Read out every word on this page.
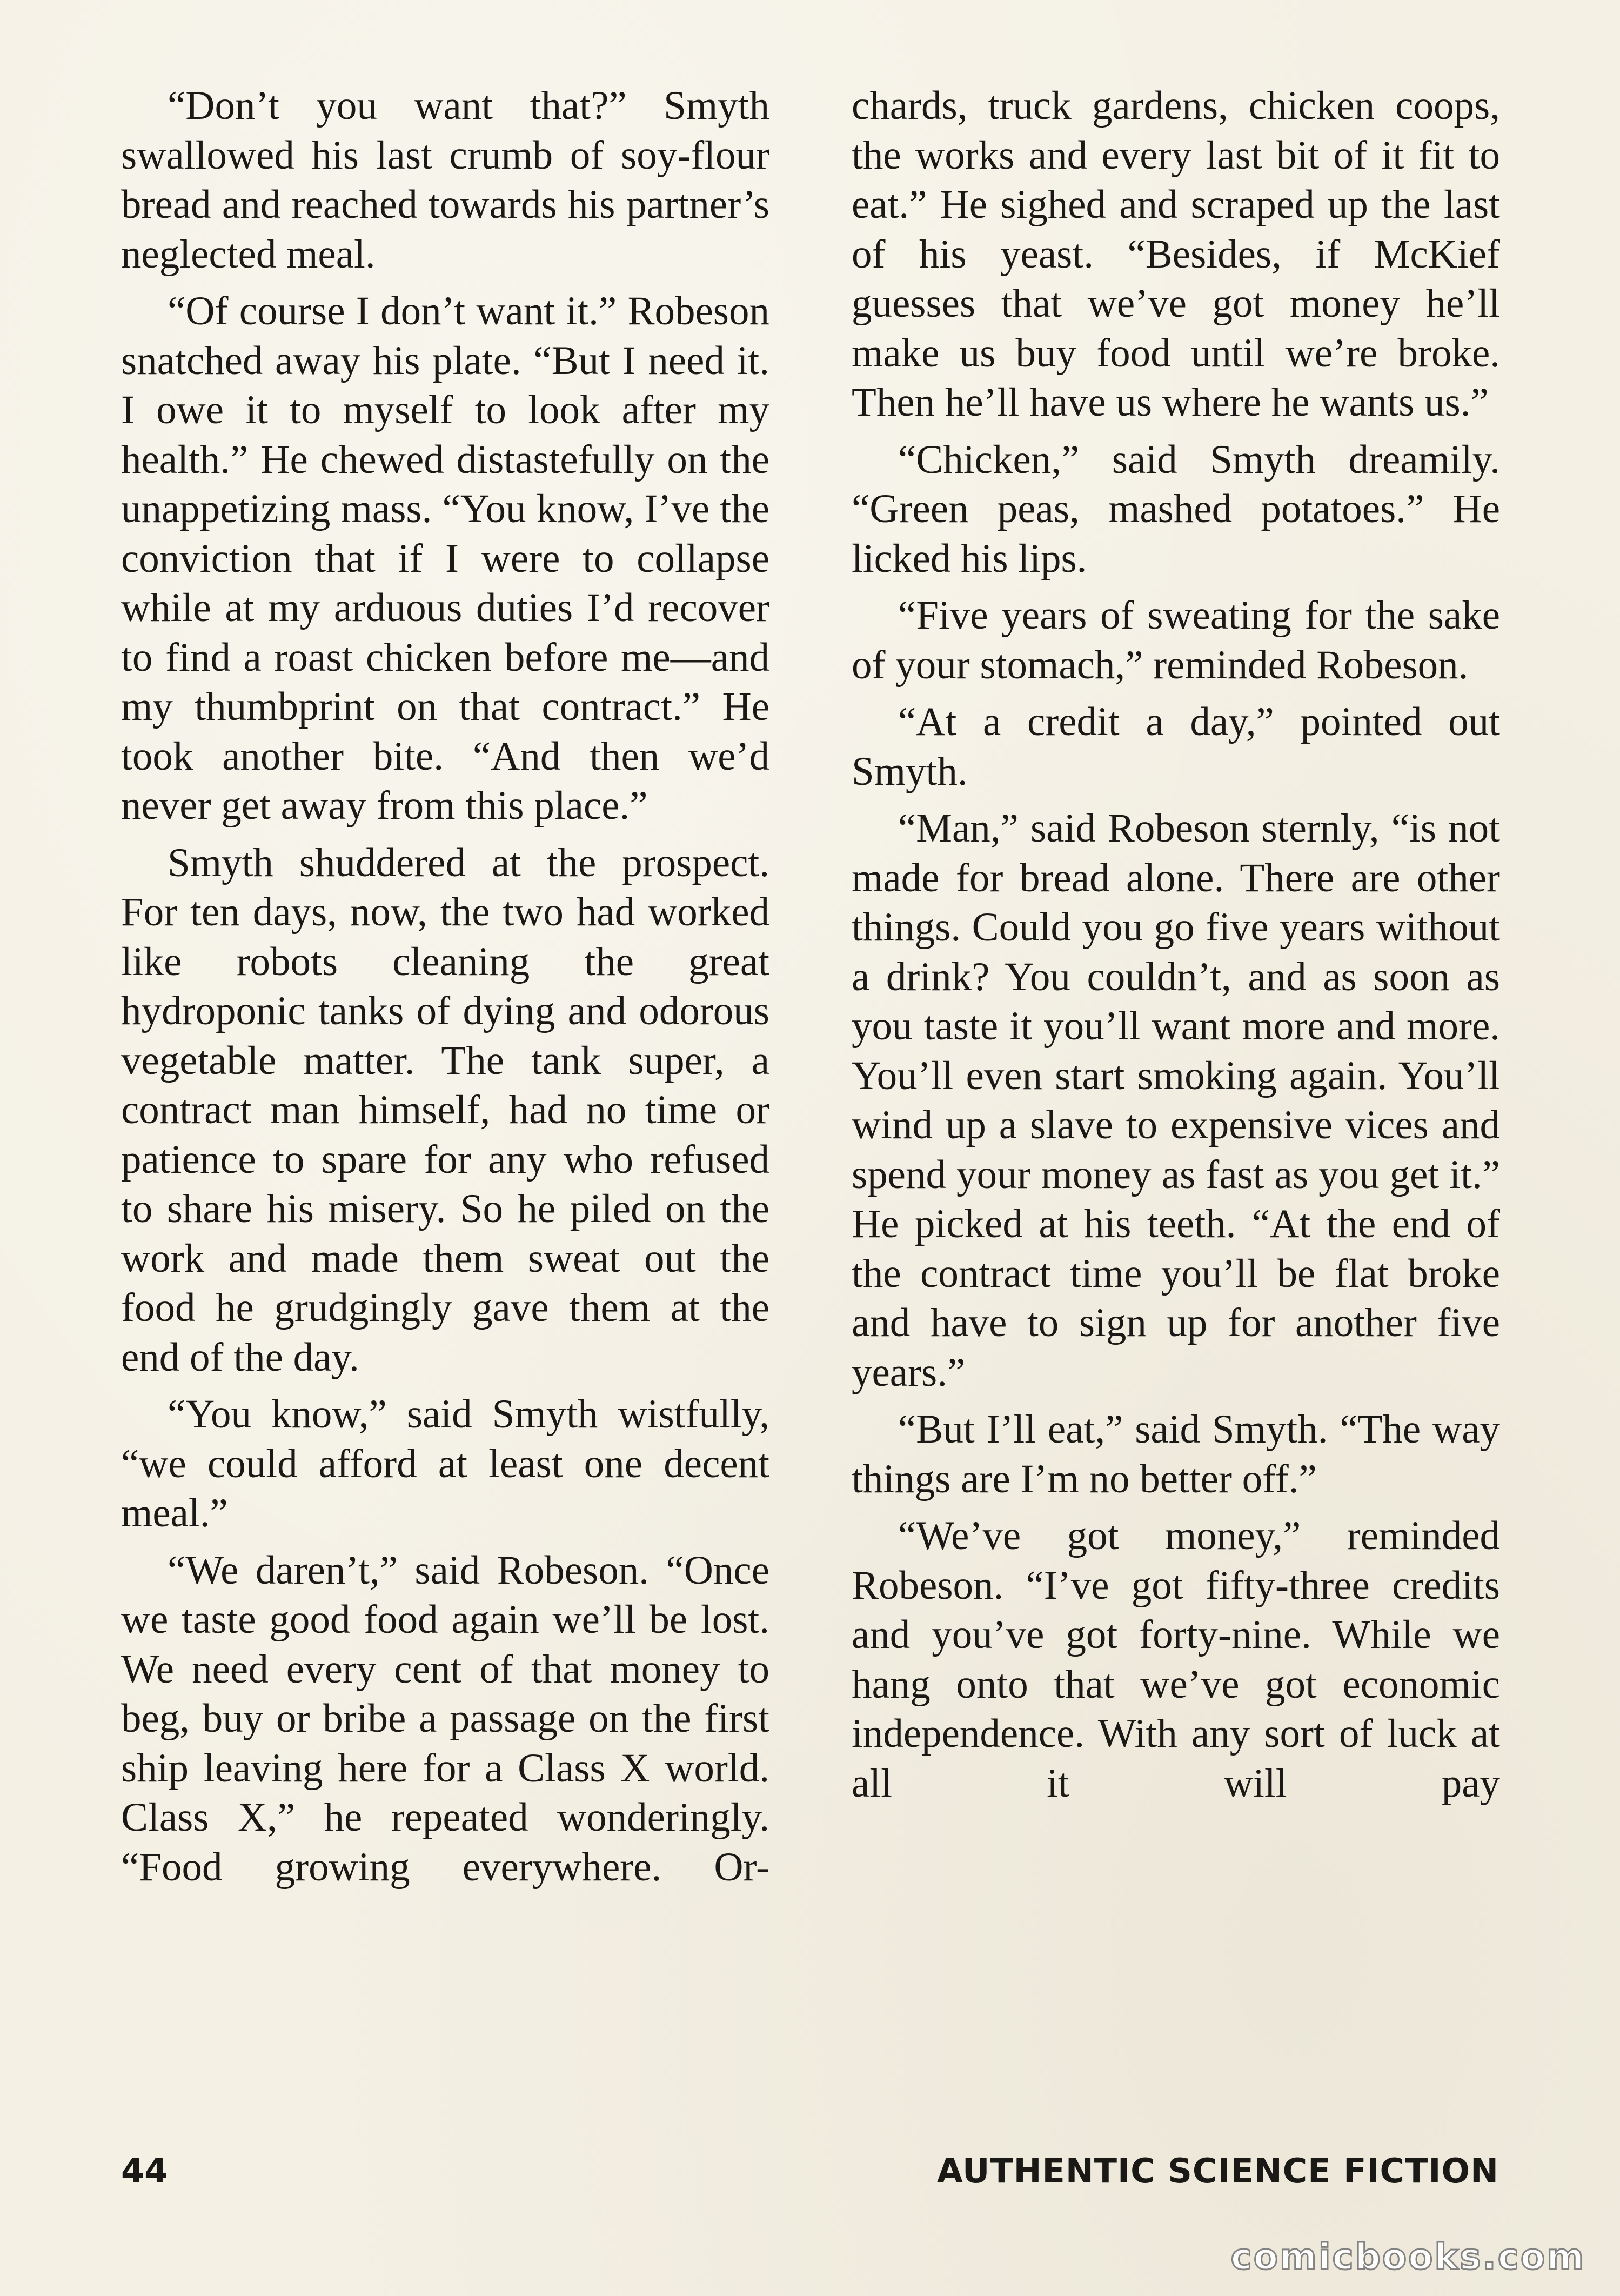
“Don’t you want that?” Smyth swallowed his last crumb of soy-flour bread and reached towards his partner’s neglected meal.

“Of course I don’t want it.” Robeson snatched away his plate. “But I need it. I owe it to myself to look after my health.” He chewed distastefully on the unappetizing mass. “You know, I’ve the conviction that if I were to collapse while at my arduous duties I’d recover to find a roast chicken before me—and my thumbprint on that contract.” He took another bite. “And then we’d never get away from this place.”

Smyth shuddered at the prospect. For ten days, now, the two had worked like robots cleaning the great hydroponic tanks of dying and odorous vegetable matter. The tank super, a contract man himself, had no time or patience to spare for any who refused to share his misery. So he piled on the work and made them sweat out the food he grudgingly gave them at the end of the day.

“You know,” said Smyth wistfully, “we could afford at least one decent meal.”

“We daren’t,” said Robeson. “Once we taste good food again we’ll be lost. We need every cent of that money to beg, buy or bribe a passage on the first ship leaving here for a Class X world. Class X,” he repeated wonderingly. “Food growing everywhere. Or-

chards, truck gardens, chicken coops, the works and every last bit of it fit to eat.” He sighed and scraped up the last of his yeast. “Besides, if McKief guesses that we’ve got money he’ll make us buy food until we’re broke. Then he’ll have us where he wants us.”

“Chicken,” said Smyth dreamily. “Green peas, mashed potatoes.” He licked his lips.

“Five years of sweating for the sake of your stomach,” reminded Robeson.

“At a credit a day,” pointed out Smyth.

“Man,” said Robeson sternly, “is not made for bread alone. There are other things. Could you go five years without a drink? You couldn’t, and as soon as you taste it you’ll want more and more. You’ll even start smoking again. You’ll wind up a slave to expensive vices and spend your money as fast as you get it.” He picked at his teeth. “At the end of the contract time you’ll be flat broke and have to sign up for another five years.”

“But I’ll eat,” said Smyth. “The way things are I’m no better off.”

“We’ve got money,” reminded Robeson. “I’ve got fifty-three credits and you’ve got forty-nine. While we hang onto that we’ve got economic independence. With any sort of luck at all it will pay

44	AUTHENTIC SCIENCE FICTION
comicbooks.com
